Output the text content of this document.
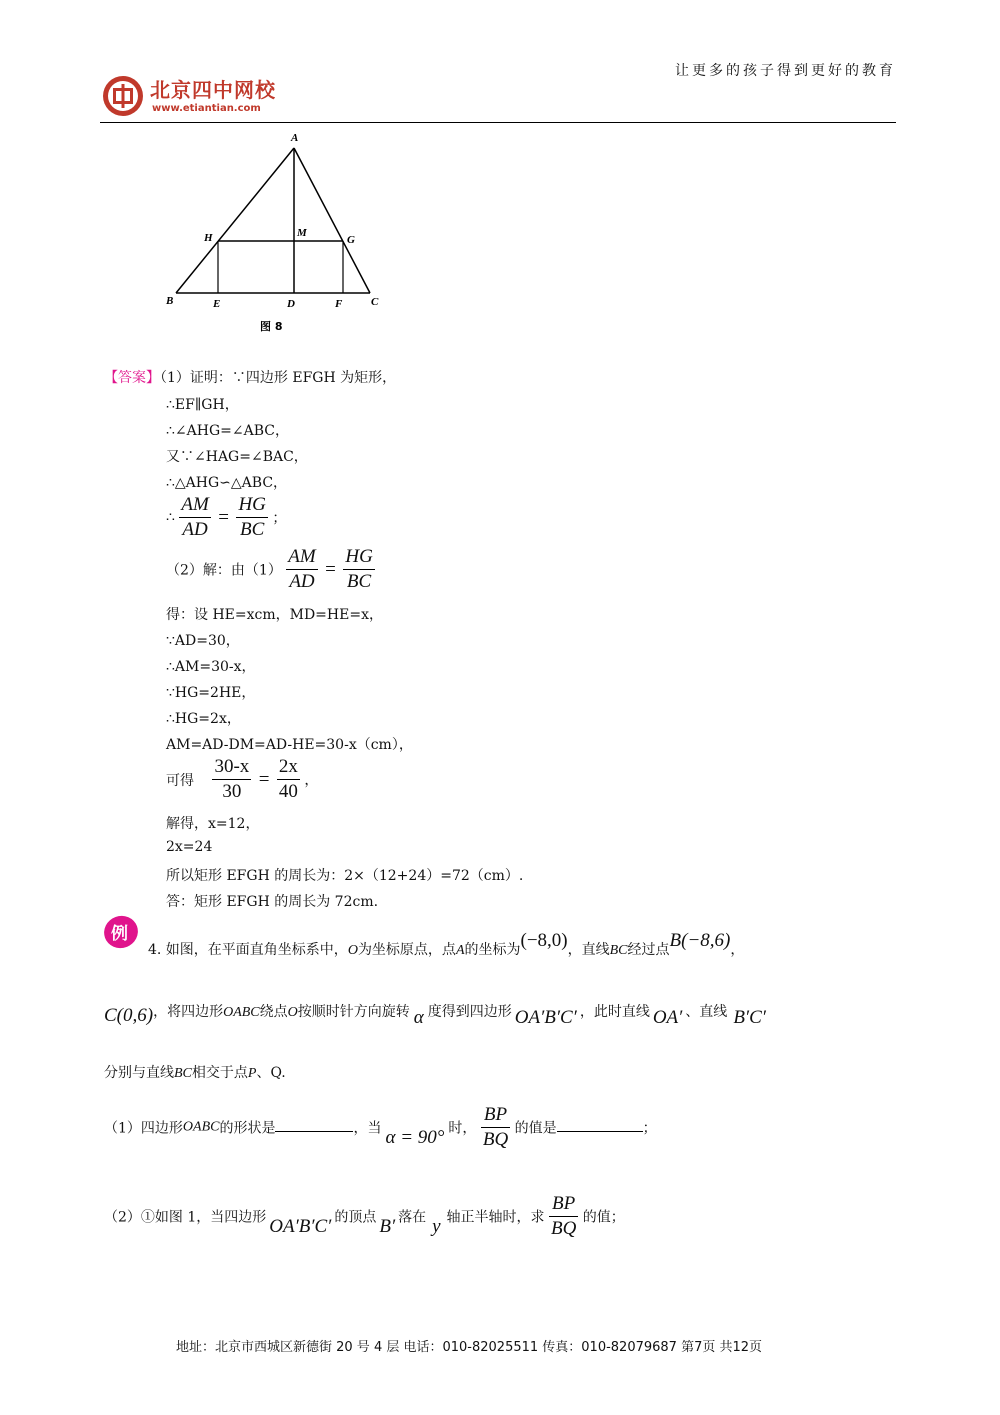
北京四中网校
www.etiantian.com
让更多的孩子得到更好的教育
A
H	M
G
B	E	D	F	C
图 8
【答案】（1）证明：∵四边形 EFGH 为矩形，
∴EF∥GH，
∴∠AHG=∠ABC，
又∵∠HAG=∠BAC，
∴△AHG∽△ABC，
∴ $\frac{AM}{AD} = \frac{HG}{BC}$ ；
（2）解：由$(1) \frac{AM}{AD} = \frac{HG}{BC}$
得：设 HE=xcm，MD=HE=x，
∵AD=30，
∴AM=30-x，
∵HG=2HE，
∴HG=2x，
AM=AD-DM=AD-HE=30-x（cm），
可得 $\frac{30-x}{30} = \frac{2x}{40}$ ，
解得，x=12，
2x=24
所以矩形 EFGH 的周长为：2×（12+24）=72（cm）.
答：矩形 EFGH 的周长为 72cm.
例
4. 如图，在平面直角坐标系中，O为坐标原点，点A的坐标为(−8,0)，直线BC经过点B(−8,6)，
C(0,6)，将四边形OABC绕点O按顺时针方向旋转 α 度得到四边形 OA′B′C′ ，此时直线 OA′ 、直线 B′C′
分别与直线BC相交于点P、Q.
（1）四边形OABC的形状是	，当 α = 90° 时， $\frac{BP}{BQ}$ 的值是	；
（2）①如图 1，当四边形 OA′B′C′ 的顶点 B′ 落在 y 轴正半轴时，求 $\frac{BP}{BQ}$ 的值；
地址：北京市西城区新德街 20 号 4 层 电话：010-82025511 传真：010-82079687 第7页 共12页
